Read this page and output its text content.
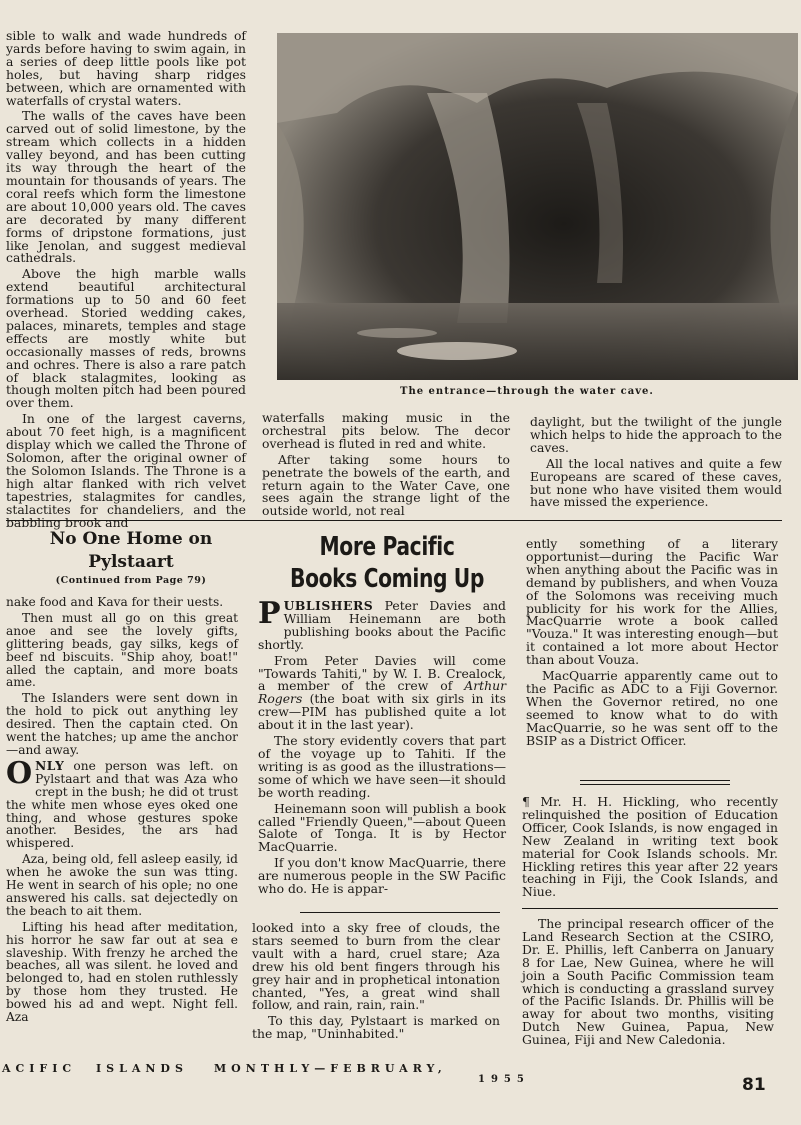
sible to walk and wade hundreds of yards before having to swim again, in a series of deep little pools like pot holes, but having sharp ridges between, which are ornamented with waterfalls of crystal waters.

The walls of the caves have been carved out of solid limestone, by the stream which collects in a hidden valley beyond, and has been cutting its way through the heart of the mountain for thousands of years. The coral reefs which form the limestone are about 10,000 years old. The caves are decorated by many different forms of dripstone formations, just like Jenolan, and suggest medieval cathedrals.

Above the high marble walls extend beautiful architectural formations up to 50 and 60 feet overhead. Storied wedding cakes, palaces, minarets, temples and stage effects are mostly white but occasionally masses of reds, browns and ochres. There is also a rare patch of black stalagmites, looking as though molten pitch had been poured over them.

In one of the largest caverns, about 70 feet high, is a magnificent display which we called the Throne of Solomon, after the original owner of the Solomon Islands. The Throne is a high altar flanked with rich velvet tapestries, stalagmites for candles, stalactites for chandeliers, and the babbling brook and

The entrance—through the water cave.

waterfalls making music in the orchestral pits below. The decor overhead is fluted in red and white.

After taking some hours to penetrate the bowels of the earth, and return again to the Water Cave, one sees again the strange light of the outside world, not real

daylight, but the twilight of the jungle which helps to hide the approach to the caves.

All the local natives and quite a few Europeans are scared of these caves, but none who have visited them would have missed the experience.

No One Home on Pylstaart
(Continued from Page 79)

nake food and Kava for their uests.

Then must all go on this great anoe and see the lovely gifts, glittering beads, gay silks, kegs of beef nd biscuits. "Ship ahoy, boat!" alled the captain, and more boats ame.

The Islanders were sent down in the hold to pick out anything ley desired. Then the captain cted. On went the hatches; up ame the anchor—and away.

ONLY one person was left. on Pylstaart and that was Aza who crept in the bush; he did ot trust the white men whose eyes oked one thing, and whose gestures spoke another. Besides, the ars had whispered.

Aza, being old, fell asleep easily, id when he awoke the sun was tting. He went in search of his ople; no one answered his calls. sat dejectedly on the beach to ait them.

Lifting his head after meditation, his horror he saw far out at sea e slaveship. With frenzy he arched the beaches, all was silent. he loved and belonged to, had en stolen ruthlessly by those hom they trusted. He bowed his ad and wept. Night fell. Aza

More Pacific Books Coming Up

PUBLISHERS Peter Davies and William Heinemann are both publishing books about the Pacific shortly.

From Peter Davies will come "Towards Tahiti," by W. I. B. Crealock, a member of the crew of Arthur Rogers (the boat with six girls in its crew—PIM has published quite a lot about it in the last year).

The story evidently covers that part of the voyage up to Tahiti. If the writing is as good as the illustrations—some of which we have seen—it should be worth reading.

Heinemann soon will publish a book called "Friendly Queen,"—about Queen Salote of Tonga. It is by Hector MacQuarrie.

If you don't know MacQuarrie, there are numerous people in the SW Pacific who do. He is appar-

looked into a sky free of clouds, the stars seemed to burn from the clear vault with a hard, cruel stare; Aza drew his old bent fingers through his grey hair and in prophetical intonation chanted, "Yes, a great wind shall follow, and rain, rain, rain."

To this day, Pylstaart is marked on the map, "Uninhabited."

ently something of a literary opportunist—during the Pacific War when anything about the Pacific was in demand by publishers, and when Vouza of the Solomons was receiving much publicity for his work for the Allies, MacQuarrie wrote a book called "Vouza." It was interesting enough—but it contained a lot more about Hector than about Vouza.

MacQuarrie apparently came out to the Pacific as ADC to a Fiji Governor. When the Governor retired, no one seemed to know what to do with MacQuarrie, so he was sent off to the BSIP as a District Officer.

¶ Mr. H. H. Hickling, who recently relinquished the position of Education Officer, Cook Islands, is now engaged in New Zealand in writing text book material for Cook Islands schools. Mr. Hickling retires this year after 22 years teaching in Fiji, the Cook Islands, and Niue.

The principal research officer of the Land Research Section at the CSIRO, Dr. E. Phillis, left Canberra on January 8 for Lae, New Guinea, where he will join a South Pacific Commission team which is conducting a grassland survey of the Pacific Islands. Dr. Phillis will be away for about two months, visiting Dutch New Guinea, Papua, New Guinea, Fiji and New Caledonia.

ACIFIC ISLANDS MONTHLY—FEBRUARY,
1955	81
